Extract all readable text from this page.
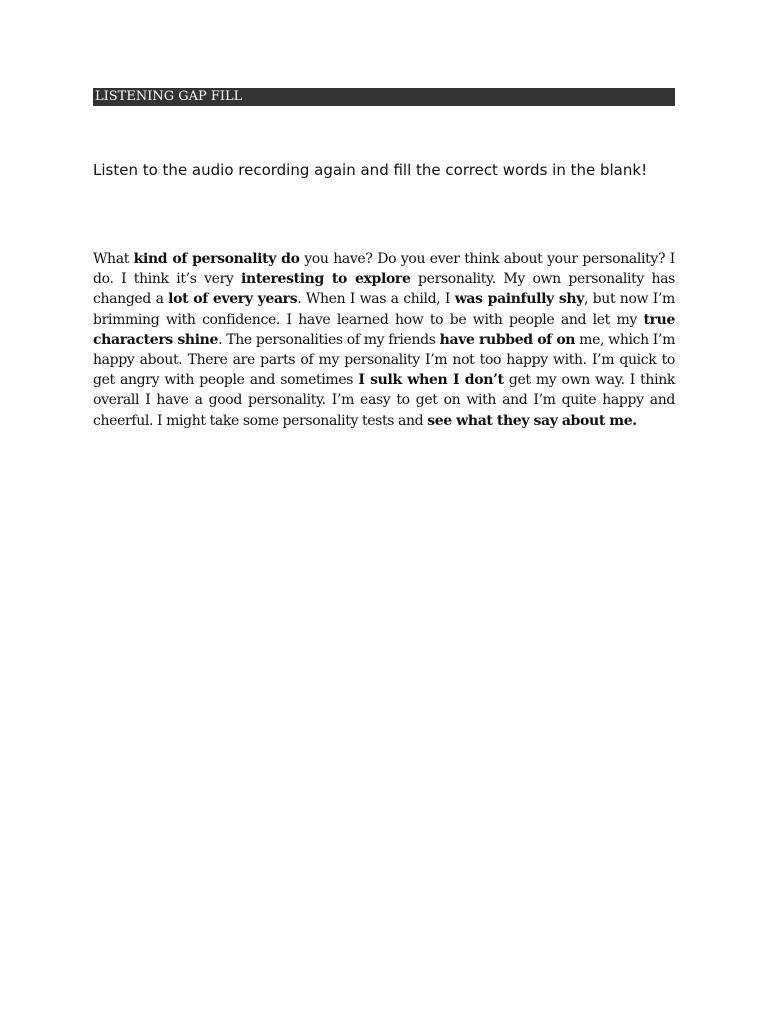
LISTENING GAP FILL
Listen to the audio recording again and fill the correct words in the blank!
What kind of personality do you have? Do you ever think about your personality? I do. I think it’s very interesting to explore personality. My own personality has changed a lot of every years. When I was a child, I was painfully shy, but now I’m brimming with confidence. I have learned how to be with people and let my true characters shine. The personalities of my friends have rubbed of on me, which I’m happy about. There are parts of my personality I’m not too happy with. I’m quick to get angry with people and sometimes I sulk when I don’t get my own way. I think overall I have a good personality. I’m easy to get on with and I’m quite happy and cheerful. I might take some personality tests and see what they say about me.
